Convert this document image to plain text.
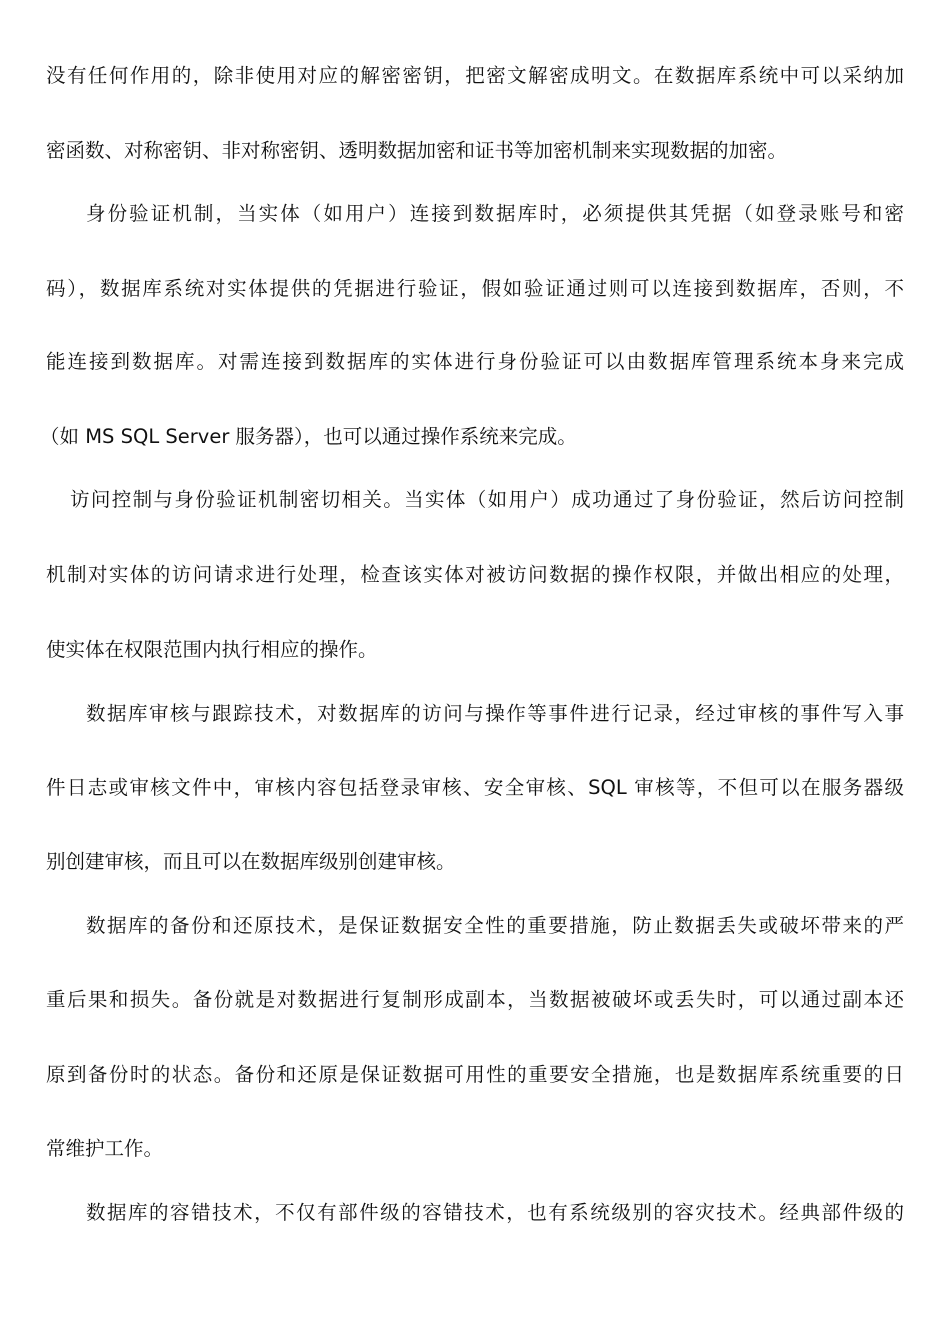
没有任何作用的，除非使用对应的解密密钥，把密文解密成明文。在数据库系统中可以采纳加
密函数、对称密钥、非对称密钥、透明数据加密和证书等加密机制来实现数据的加密。
身份验证机制，当实体（如用户）连接到数据库时，必须提供其凭据（如登录账号和密
码），数据库系统对实体提供的凭据进行验证，假如验证通过则可以连接到数据库，否则，不
能连接到数据库。对需连接到数据库的实体进行身份验证可以由数据库管理系统本身来完成
（如 MS SQL Server 服务器），也可以通过操作系统来完成。
访问控制与身份验证机制密切相关。当实体（如用户）成功通过了身份验证，然后访问控制
机制对实体的访问请求进行处理，检查该实体对被访问数据的操作权限，并做出相应的处理，
使实体在权限范围内执行相应的操作。
数据库审核与跟踪技术，对数据库的访问与操作等事件进行记录，经过审核的事件写入事
件日志或审核文件中，审核内容包括登录审核、安全审核、SQL 审核等，不但可以在服务器级
别创建审核，而且可以在数据库级别创建审核。
数据库的备份和还原技术，是保证数据安全性的重要措施，防止数据丢失或破坏带来的严
重后果和损失。备份就是对数据进行复制形成副本，当数据被破坏或丢失时，可以通过副本还
原到备份时的状态。备份和还原是保证数据可用性的重要安全措施，也是数据库系统重要的日
常维护工作。
数据库的容错技术，不仅有部件级的容错技术，也有系统级别的容灾技术。经典部件级的
